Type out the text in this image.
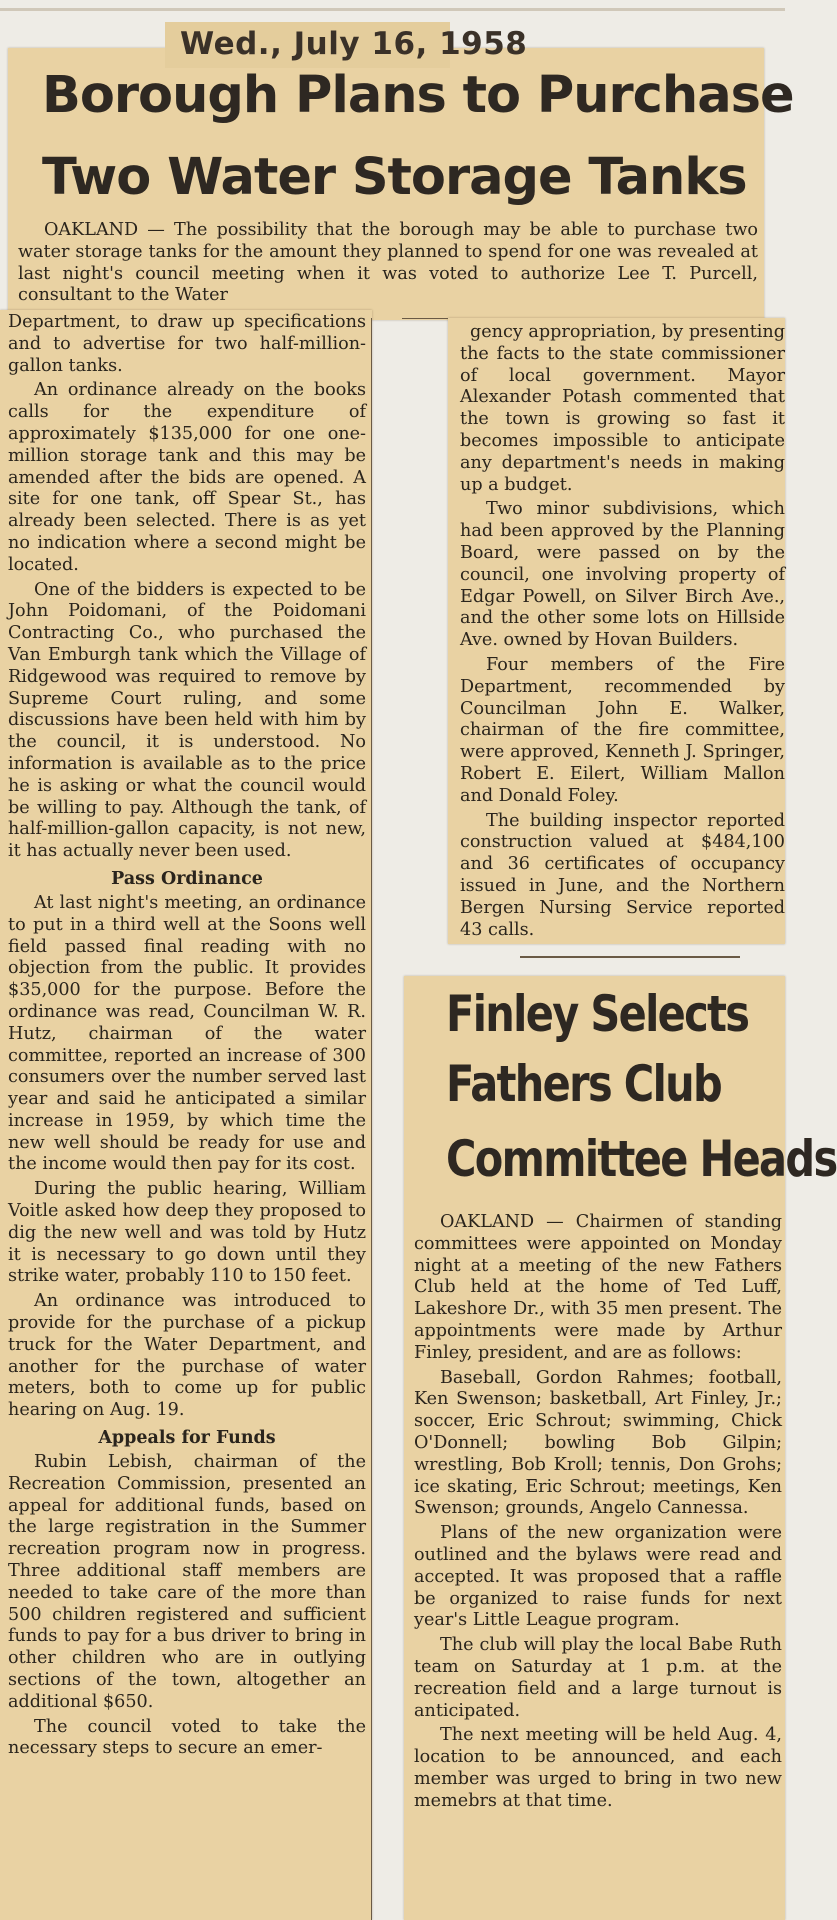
Wed., July 16, 1958
Borough Plans to Purchase
Two Water Storage Tanks

OAKLAND — The possibility that the borough may be able to purchase two water storage tanks for the amount they planned to spend for one was revealed at last night's council meeting when it was voted to authorize Lee T. Purcell, consultant to the Water

Department, to draw up specifications and to advertise for two half-million-gallon tanks.

An ordinance already on the books calls for the expenditure of approximately $135,000 for one one-million storage tank and this may be amended after the bids are opened. A site for one tank, off Spear St., has already been selected. There is as yet no indication where a second might be located.

One of the bidders is expected to be John Poidomani, of the Poidomani Contracting Co., who purchased the Van Emburgh tank which the Village of Ridgewood was required to remove by Supreme Court ruling, and some discussions have been held with him by the council, it is understood. No information is available as to the price he is asking or what the council would be willing to pay. Although the tank, of half-million-gallon capacity, is not new, it has actually never been used.

Pass Ordinance

At last night's meeting, an ordinance to put in a third well at the Soons well field passed final reading with no objection from the public. It provides $35,000 for the purpose. Before the ordinance was read, Councilman W. R. Hutz, chairman of the water committee, reported an increase of 300 consumers over the number served last year and said he anticipated a similar increase in 1959, by which time the new well should be ready for use and the income would then pay for its cost.

During the public hearing, William Voitle asked how deep they proposed to dig the new well and was told by Hutz it is necessary to go down until they strike water, probably 110 to 150 feet.

An ordinance was introduced to provide for the purchase of a pickup truck for the Water Department, and another for the purchase of water meters, both to come up for public hearing on Aug. 19.

Appeals for Funds

Rubin Lebish, chairman of the Recreation Commission, presented an appeal for additional funds, based on the large registration in the Summer recreation program now in progress. Three additional staff members are needed to take care of the more than 500 children registered and sufficient funds to pay for a bus driver to bring in other children who are in outlying sections of the town, altogether an additional $650.

The council voted to take the necessary steps to secure an emer-

gency appropriation, by presenting the facts to the state commissioner of local government. Mayor Alexander Potash commented that the town is growing so fast it becomes impossible to anticipate any department's needs in making up a budget.

Two minor subdivisions, which had been approved by the Planning Board, were passed on by the council, one involving property of Edgar Powell, on Silver Birch Ave., and the other some lots on Hillside Ave. owned by Hovan Builders.

Four members of the Fire Department, recommended by Councilman John E. Walker, chairman of the fire committee, were approved, Kenneth J. Springer, Robert E. Eilert, William Mallon and Donald Foley.

The building inspector reported construction valued at $484,100 and 36 certificates of occupancy issued in June, and the Northern Bergen Nursing Service reported 43 calls.

Finley Selects
Fathers Club
Committee Heads

OAKLAND — Chairmen of standing committees were appointed on Monday night at a meeting of the new Fathers Club held at the home of Ted Luff, Lakeshore Dr., with 35 men present. The appointments were made by Arthur Finley, president, and are as follows:

Baseball, Gordon Rahmes; football, Ken Swenson; basketball, Art Finley, Jr.; soccer, Eric Schrout; swimming, Chick O'Donnell; bowling Bob Gilpin; wrestling, Bob Kroll; tennis, Don Grohs; ice skating, Eric Schrout; meetings, Ken Swenson; grounds, Angelo Cannessa.

Plans of the new organization were outlined and the bylaws were read and accepted. It was proposed that a raffle be organized to raise funds for next year's Little League program.

The club will play the local Babe Ruth team on Saturday at 1 p.m. at the recreation field and a large turnout is anticipated.

The next meeting will be held Aug. 4, location to be announced, and each member was urged to bring in two new memebrs at that time.
